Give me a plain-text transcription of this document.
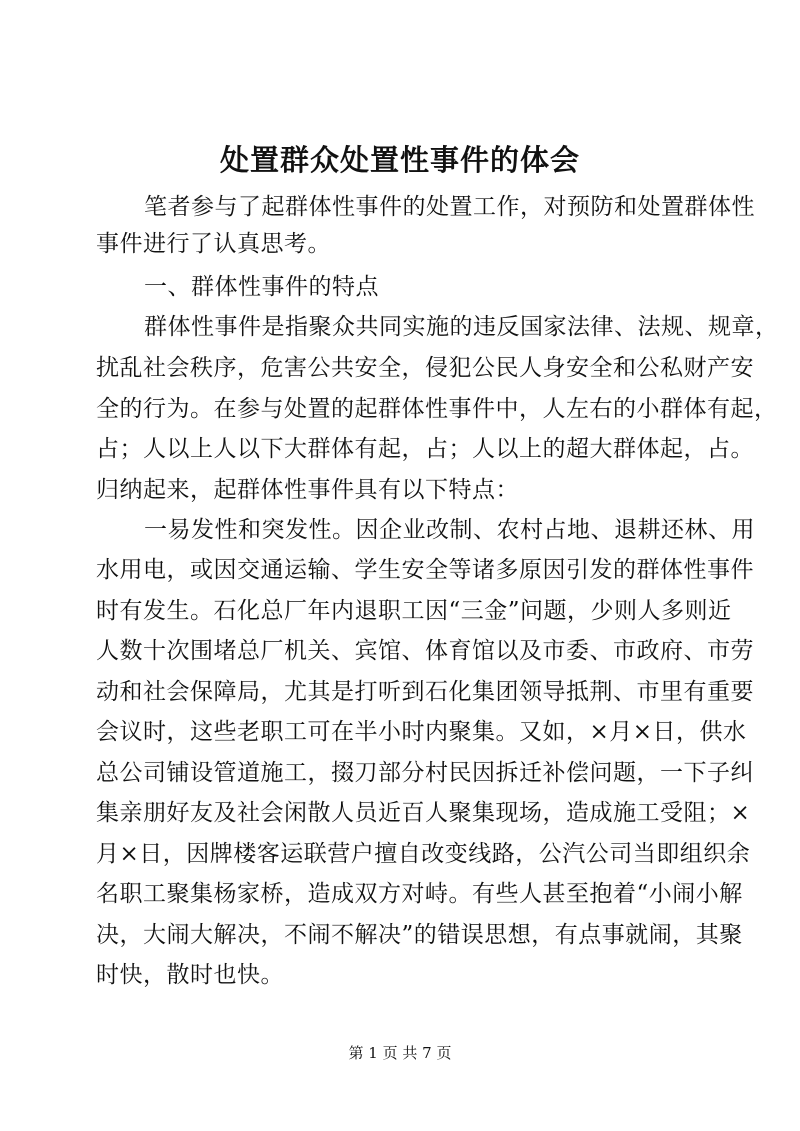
处置群众处置性事件的体会
笔者参与了起群体性事件的处置工作，对预防和处置群体性
事件进行了认真思考。
一、群体性事件的特点
群体性事件是指聚众共同实施的违反国家法律、法规、规章，
扰乱社会秩序，危害公共安全，侵犯公民人身安全和公私财产安
全的行为。在参与处置的起群体性事件中，人左右的小群体有起，
占；人以上人以下大群体有起，占；人以上的超大群体起，占。
归纳起来，起群体性事件具有以下特点：
一易发性和突发性。因企业改制、农村占地、退耕还林、用
水用电，或因交通运输、学生安全等诸多原因引发的群体性事件
时有发生。石化总厂年内退职工因“三金”问题，少则人多则近
人数十次围堵总厂机关、宾馆、体育馆以及市委、市政府、市劳
动和社会保障局，尤其是打听到石化集团领导抵荆、市里有重要
会议时，这些老职工可在半小时内聚集。又如，×月×日，供水
总公司铺设管道施工，掇刀部分村民因拆迁补偿问题，一下子纠
集亲朋好友及社会闲散人员近百人聚集现场，造成施工受阻；×
月×日，因牌楼客运联营户擅自改变线路，公汽公司当即组织余
名职工聚集杨家桥，造成双方对峙。有些人甚至抱着“小闹小解
决，大闹大解决，不闹不解决”的错误思想，有点事就闹，其聚
时快，散时也快。
第 1 页 共 7 页
